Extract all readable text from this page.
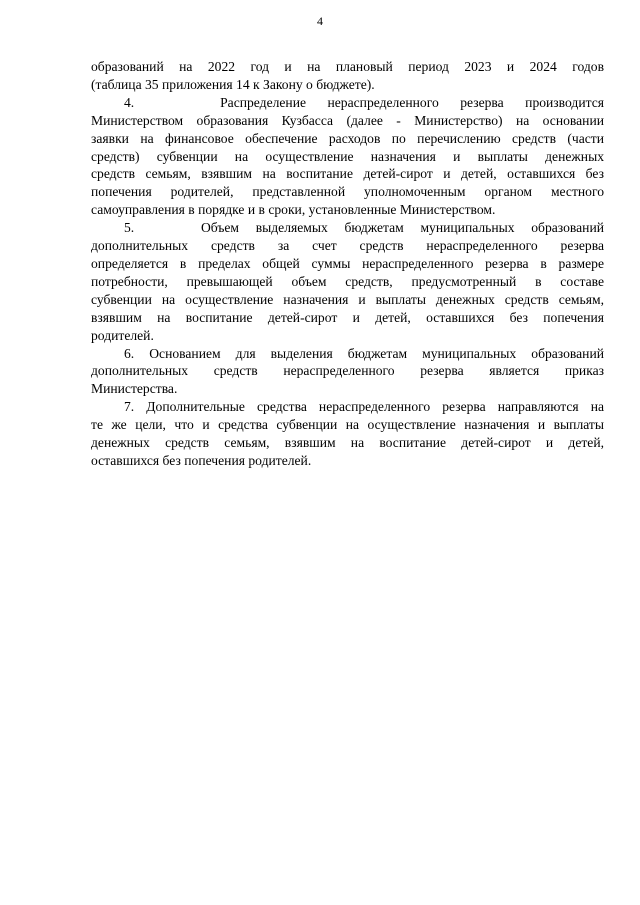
4
образований на 2022 год и на плановый период 2023 и 2024 годов
(таблица 35 приложения 14 к Закону о бюджете).
4.    Распределение нераспределенного резерва производится
Министерством образования Кузбасса (далее - Министерство) на основании
заявки на финансовое обеспечение расходов по перечислению средств (части
средств) субвенции на осуществление назначения и выплаты денежных
средств семьям, взявшим на воспитание детей-сирот и детей, оставшихся без
попечения родителей, представленной уполномоченным органом местного
самоуправления в порядке и в сроки, установленные Министерством.
5.    Объем выделяемых бюджетам муниципальных образований
дополнительных средств за счет средств нераспределенного резерва
определяется в пределах общей суммы нераспределенного резерва в размере
потребности, превышающей объем средств, предусмотренный в составе
субвенции на осуществление назначения и выплаты денежных средств семьям,
взявшим на воспитание детей-сирот и детей, оставшихся без попечения
родителей.
6. Основанием для выделения бюджетам муниципальных образований
дополнительных средств нераспределенного резерва является приказ
Министерства.
7. Дополнительные средства нераспределенного резерва направляются на
те же цели, что и средства субвенции на осуществление назначения и выплаты
денежных средств семьям, взявшим на воспитание детей-сирот и детей,
оставшихся без попечения родителей.
